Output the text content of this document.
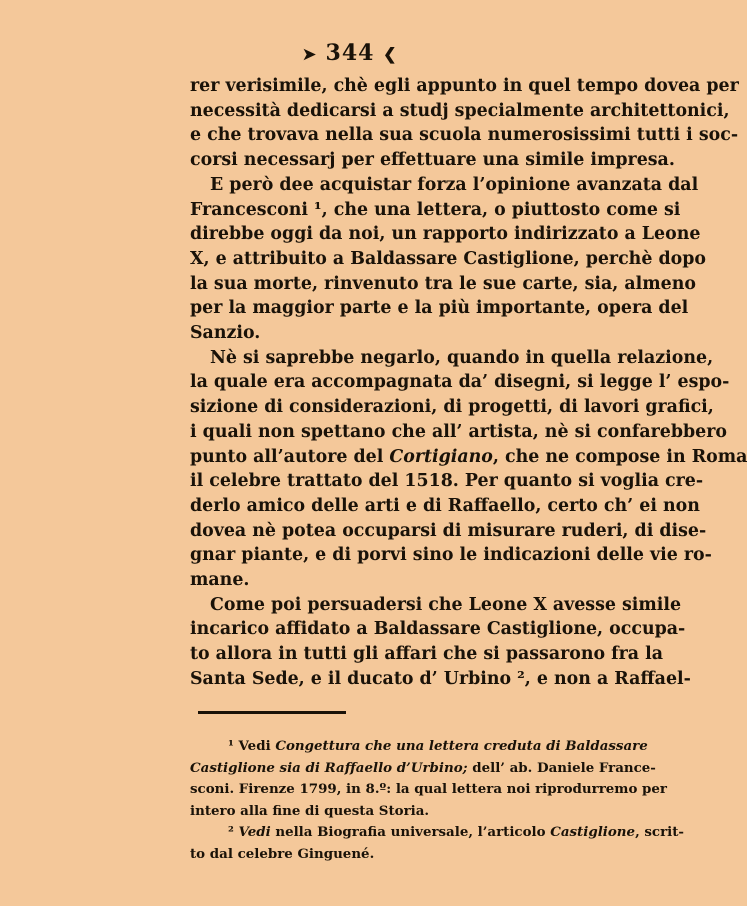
➤ 344 ❮
rer verisimile, chè egli appunto in quel tempo dovea per
necessità dedicarsi a studj specialmente architettonici,
e che trovava nella sua scuola numerosissimi tutti i soc-
corsi necessarj per effettuare una simile impresa.
E però dee acquistar forza l’opinione avanzata dal
Francesconi ¹, che una lettera, o piuttosto come si
direbbe oggi da noi, un rapporto indirizzato a Leone
X, e attribuito a Baldassare Castiglione, perchè dopo
la sua morte, rinvenuto tra le sue carte, sia, almeno
per la maggior parte e la più importante, opera del
Sanzio.
Nè si saprebbe negarlo, quando in quella relazione,
la quale era accompagnata da’ disegni, si legge l’ espo-
sizione di considerazioni, di progetti, di lavori grafici,
i quali non spettano che all’ artista, nè si confarebbero
punto all’autore del Cortigiano, che ne compose in Roma
il celebre trattato del 1518. Per quanto si voglia cre-
derlo amico delle arti e di Raffaello, certo ch’ ei non
dovea nè potea occuparsi di misurare ruderi, di dise-
gnar piante, e di porvi sino le indicazioni delle vie ro-
mane.
Come poi persuadersi che Leone X avesse simile
incarico affidato a Baldassare Castiglione, occupa-
to allora in tutti gli affari che si passarono fra la
Santa Sede, e il ducato d’ Urbino ², e non a Raffael-
¹ Vedi Congettura che una lettera creduta di Baldassare
Castiglione sia di Raffaello d’Urbino; dell’ ab. Daniele France-
sconi. Firenze 1799, in 8.º: la qual lettera noi riprodurremo per
intero alla fine di questa Storia.
² Vedi nella Biografia universale, l’articolo Castiglione, scrit-
to dal celebre Ginguené.
